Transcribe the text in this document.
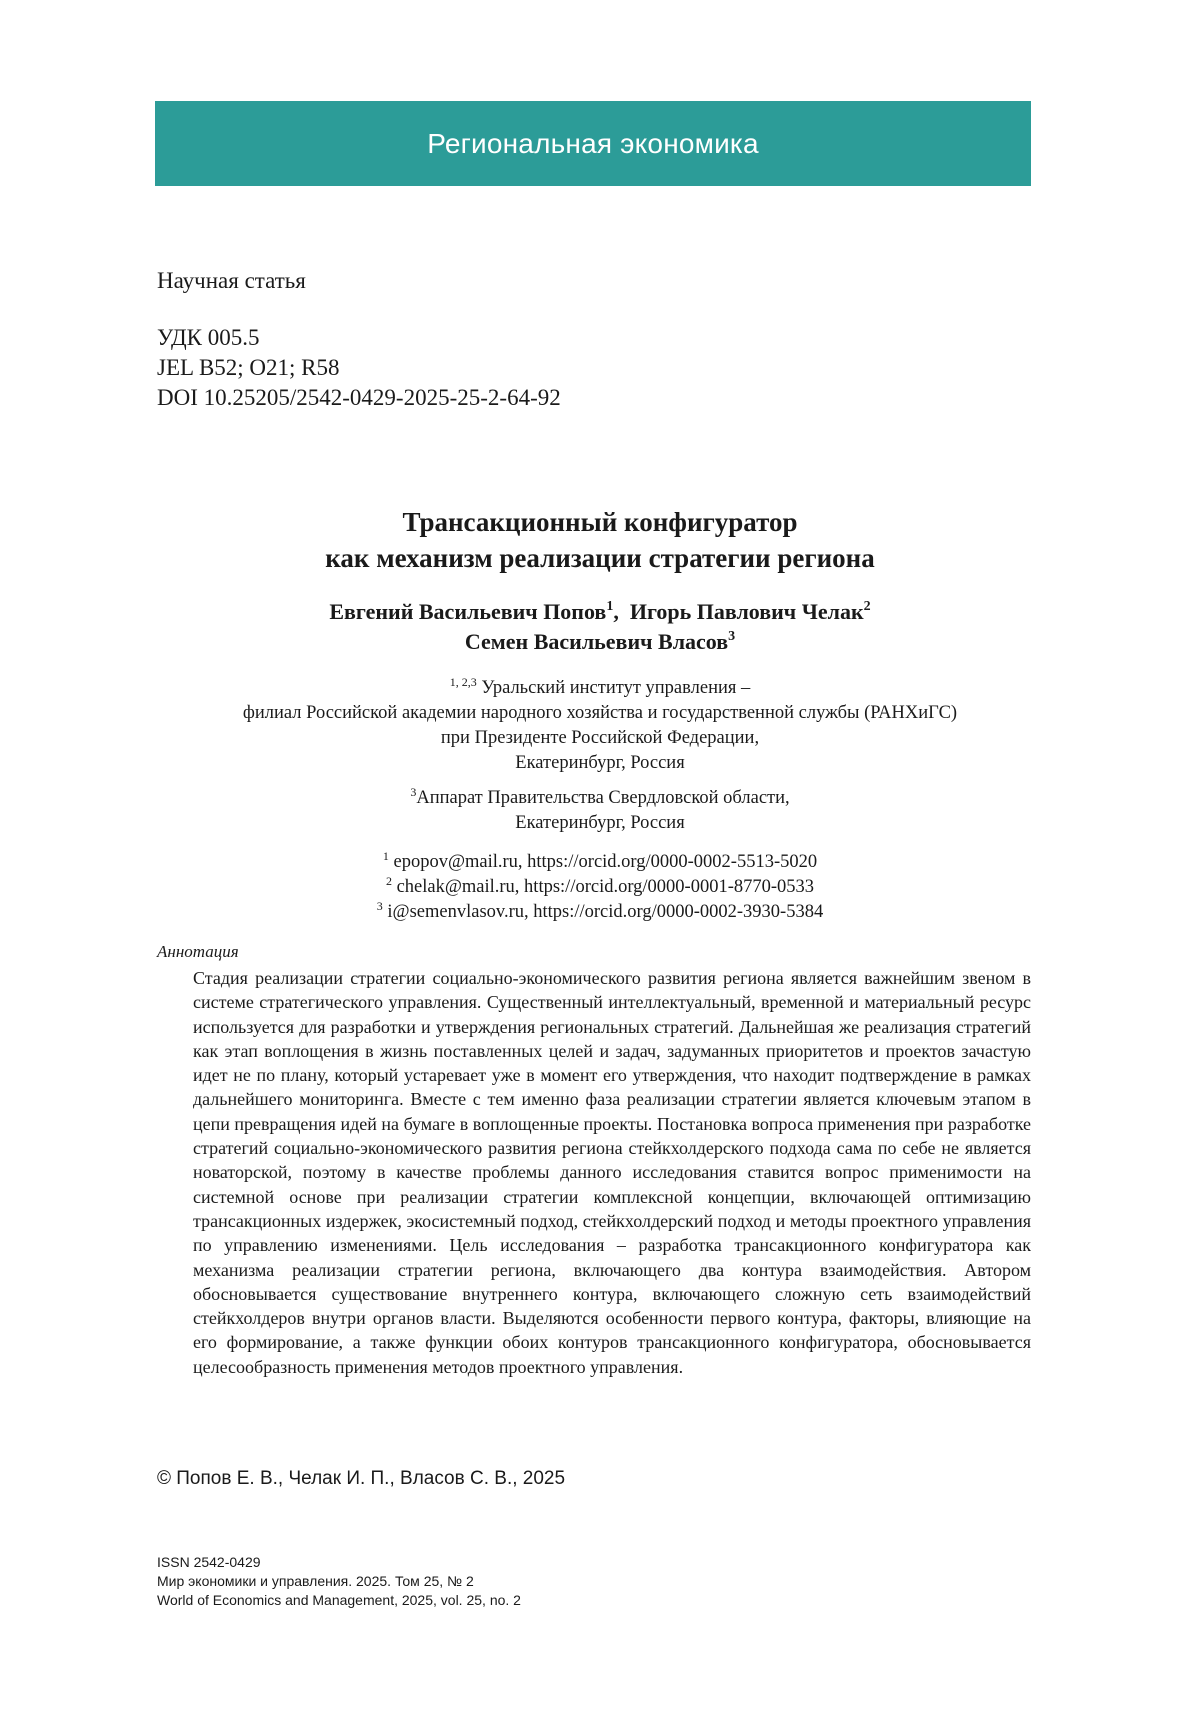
Региональная экономика
Научная статья
УДК 005.5
JEL B52; O21; R58
DOI 10.25205/2542-0429-2025-25-2-64-92
Трансакционный конфигуратор
как механизм реализации стратегии региона
Евгений Васильевич Попов$^1$,  Игорь Павлович Челак$^2$
Семен Васильевич Власов$^3$
$^{1, 2,3}$ Уральский институт управления –
филиал Российской академии народного хозяйства и государственной службы (РАНХиГС)
при Президенте Российской Федерации,
Екатеринбург, Россия
$^3$Аппарат Правительства Свердловской области,
Екатеринбург, Россия
$^1$ epopov@mail.ru, https://orcid.org/0000-0002-5513-5020
$^2$ chelak@mail.ru, https://orcid.org/0000-0001-8770-0533
$^3$ i@semenvlasov.ru, https://orcid.org/0000-0002-3930-5384
Аннотация
Стадия реализации стратегии социально-экономического развития региона является важнейшим звеном в системе стратегического управления. Существенный интеллектуальный, временной и материальный ресурс используется для разработки и утверждения региональных стратегий. Дальнейшая же реализация стратегий как этап воплощения в жизнь поставленных целей и задач, задуманных приоритетов и проектов зачастую идет не по плану, который устаревает уже в момент его утверждения, что находит подтверждение в рамках дальнейшего мониторинга. Вместе с тем именно фаза реализации стратегии является ключевым этапом в цепи превращения идей на бумаге в воплощенные проекты. Постановка вопроса применения при разработке стратегий социально-экономического развития региона стейкхолдерского подхода сама по себе не является новаторской, поэтому в качестве проблемы данного исследования ставится вопрос применимости на системной основе при реализации стратегии комплексной концепции, включающей оптимизацию трансакционных издержек, экосистемный подход, стейкхолдерский подход и методы проектного управления по управлению изменениями. Цель исследования – разработка трансакционного конфигуратора как механизма реализации стратегии региона, включающего два контура взаимодействия. Автором обосновывается существование внутреннего контура, включающего сложную сеть взаимодействий стейкхолдеров внутри органов власти. Выделяются особенности первого контура, факторы, влияющие на его формирование, а также функции обоих контуров трансакционного конфигуратора, обосновывается целесообразность применения методов проектного управления.
© Попов Е. В., Челак И. П., Власов С. В., 2025
ISSN 2542-0429
Мир экономики и управления. 2025. Том 25, № 2
World of Economics and Management, 2025, vol. 25, no. 2
